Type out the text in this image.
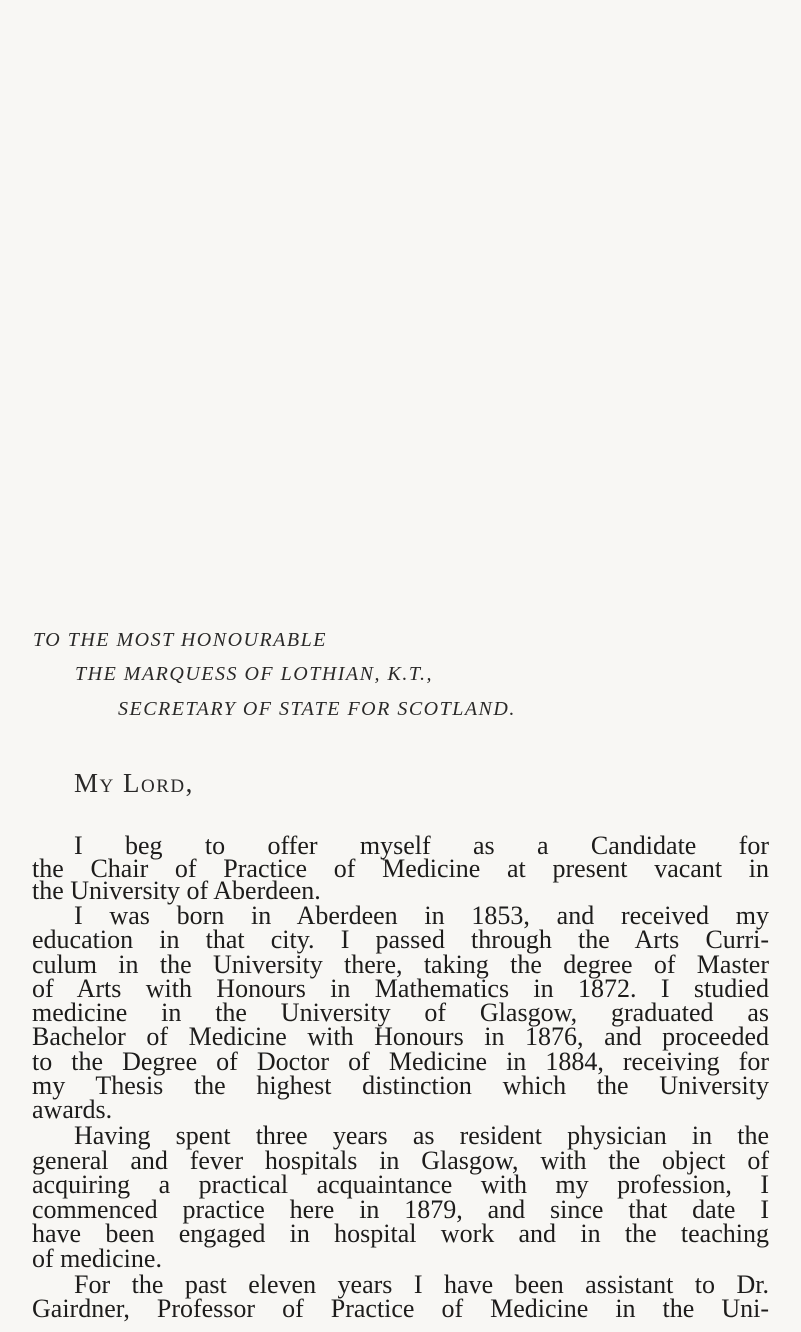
TO THE MOST HONOURABLE
THE MARQUESS OF LOTHIAN, K.T.,
SECRETARY OF STATE FOR SCOTLAND.
My Lord,
I beg to offer myself as a Candidate for
the Chair of Practice of Medicine at present vacant in
the University of Aberdeen.
I was born in Aberdeen in 1853, and received my
education in that city. I passed through the Arts Curri-
culum in the University there, taking the degree of Master
of Arts with Honours in Mathematics in 1872. I studied
medicine in the University of Glasgow, graduated as
Bachelor of Medicine with Honours in 1876, and proceeded
to the Degree of Doctor of Medicine in 1884, receiving for
my Thesis the highest distinction which the University
awards.
Having spent three years as resident physician in the
general and fever hospitals in Glasgow, with the object of
acquiring a practical acquaintance with my profession, I
commenced practice here in 1879, and since that date I
have been engaged in hospital work and in the teaching
of medicine.
For the past eleven years I have been assistant to Dr.
Gairdner, Professor of Practice of Medicine in the Uni-
